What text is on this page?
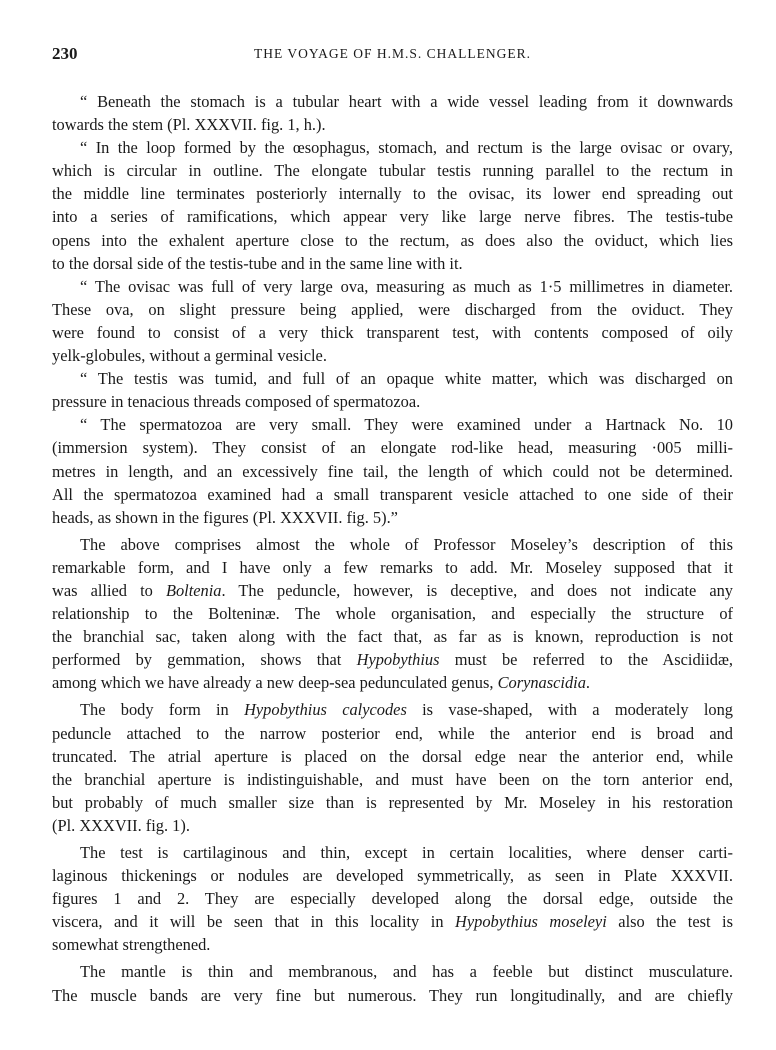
230	THE VOYAGE OF H.M.S. CHALLENGER.
“ Beneath the stomach is a tubular heart with a wide vessel leading from it downwards
towards the stem (Pl. XXXVII. fig. 1, h.).
“ In the loop formed by the œsophagus, stomach, and rectum is the large ovisac or ovary,
which is circular in outline. The elongate tubular testis running parallel to the rectum in
the middle line terminates posteriorly internally to the ovisac, its lower end spreading out
into a series of ramifications, which appear very like large nerve fibres. The testis-tube
opens into the exhalent aperture close to the rectum, as does also the oviduct, which lies
to the dorsal side of the testis-tube and in the same line with it.
“ The ovisac was full of very large ova, measuring as much as 1·5 millimetres in diameter.
These ova, on slight pressure being applied, were discharged from the oviduct. They
were found to consist of a very thick transparent test, with contents composed of oily
yelk-globules, without a germinal vesicle.
“ The testis was tumid, and full of an opaque white matter, which was discharged on
pressure in tenacious threads composed of spermatozoa.
“ The spermatozoa are very small. They were examined under a Hartnack No. 10
(immersion system). They consist of an elongate rod-like head, measuring ·005 milli-
metres in length, and an excessively fine tail, the length of which could not be determined.
All the spermatozoa examined had a small transparent vesicle attached to one side of their
heads, as shown in the figures (Pl. XXXVII. fig. 5).”
The above comprises almost the whole of Professor Moseley’s description of this
remarkable form, and I have only a few remarks to add. Mr. Moseley supposed that it
was allied to Boltenia. The peduncle, however, is deceptive, and does not indicate any
relationship to the Bolteninæ. The whole organisation, and especially the structure of
the branchial sac, taken along with the fact that, as far as is known, reproduction is not
performed by gemmation, shows that Hypobythius must be referred to the Ascidiidæ,
among which we have already a new deep-sea pedunculated genus, Corynascidia.
The body form in Hypobythius calycodes is vase-shaped, with a moderately long
peduncle attached to the narrow posterior end, while the anterior end is broad and
truncated. The atrial aperture is placed on the dorsal edge near the anterior end, while
the branchial aperture is indistinguishable, and must have been on the torn anterior end,
but probably of much smaller size than is represented by Mr. Moseley in his restoration
(Pl. XXXVII. fig. 1).
The test is cartilaginous and thin, except in certain localities, where denser carti-
laginous thickenings or nodules are developed symmetrically, as seen in Plate XXXVII.
figures 1 and 2. They are especially developed along the dorsal edge, outside the
viscera, and it will be seen that in this locality in Hypobythius moseleyi also the test is
somewhat strengthened.
The mantle is thin and membranous, and has a feeble but distinct musculature.
The muscle bands are very fine but numerous. They run longitudinally, and are chiefly
